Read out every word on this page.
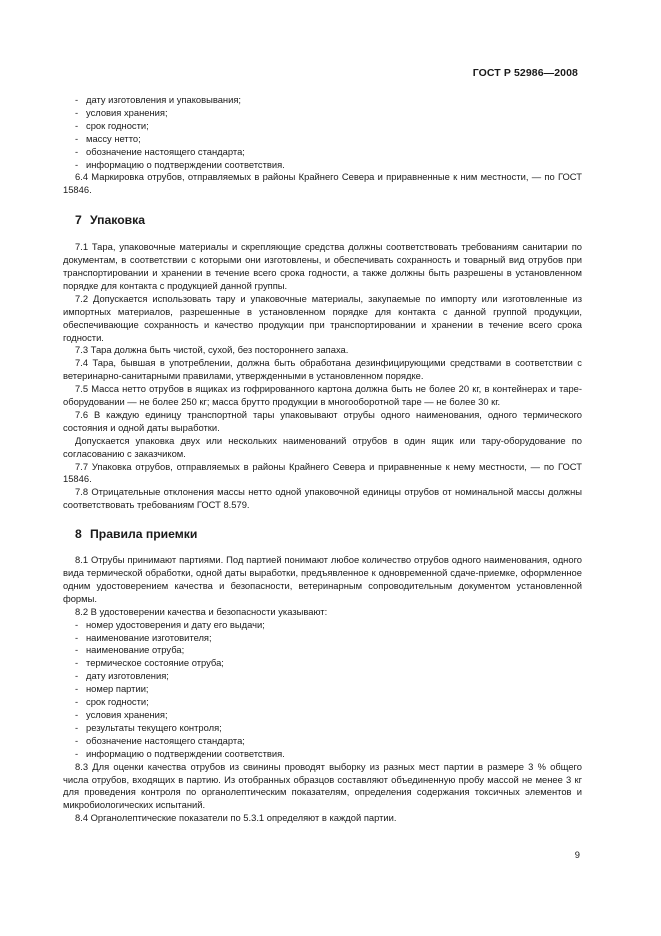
ГОСТ Р 52986—2008

- дату изготовления и упаковывания;

- условия хранения;

- срок годности;

- массу нетто;

- обозначение настоящего стандарта;

- информацию о подтверждении соответствия.

6.4 Маркировка отрубов, отправляемых в районы Крайнего Севера и приравненные к ним местности, — по ГОСТ 15846.

7 Упаковка

7.1 Тара, упаковочные материалы и скрепляющие средства должны соответствовать требованиям санитарии по документам, в соответствии с которыми они изготовлены, и обеспечивать сохранность и товарный вид отрубов при транспортировании и хранении в течение всего срока годности, а также должны быть разрешены в установленном порядке для контакта с продукцией данной группы.

7.2 Допускается использовать тару и упаковочные материалы, закупаемые по импорту или изготовленные из импортных материалов, разрешенные в установленном порядке для контакта с данной группой продукции, обеспечивающие сохранность и качество продукции при транспортировании и хранении в течение всего срока годности.

7.3 Тара должна быть чистой, сухой, без постороннего запаха.

7.4 Тара, бывшая в употреблении, должна быть обработана дезинфицирующими средствами в соответствии с ветеринарно-санитарными правилами, утвержденными в установленном порядке.

7.5 Масса нетто отрубов в ящиках из гофрированного картона должна быть не более 20 кг, в контейнерах и таре-оборудовании — не более 250 кг; масса брутто продукции в многооборотной таре — не более 30 кг.

7.6 В каждую единицу транспортной тары упаковывают отрубы одного наименования, одного термического состояния и одной даты выработки.

Допускается упаковка двух или нескольких наименований отрубов в один ящик или тару-оборудование по согласованию с заказчиком.

7.7 Упаковка отрубов, отправляемых в районы Крайнего Севера и приравненные к нему местности, — по ГОСТ 15846.

7.8 Отрицательные отклонения массы нетто одной упаковочной единицы отрубов от номинальной массы должны соответствовать требованиям ГОСТ 8.579.

8 Правила приемки

8.1 Отрубы принимают партиями. Под партией понимают любое количество отрубов одного наименования, одного вида термической обработки, одной даты выработки, предъявленное к одновременной сдаче-приемке, оформленное одним удостоверением качества и безопасности, ветеринарным сопроводительным документом установленной формы.

8.2 В удостоверении качества и безопасности указывают:

- номер удостоверения и дату его выдачи;

- наименование изготовителя;

- наименование отруба;

- термическое состояние отруба;

- дату изготовления;

- номер партии;

- срок годности;

- условия хранения;

- результаты текущего контроля;

- обозначение настоящего стандарта;

- информацию о подтверждении соответствия.

8.3 Для оценки качества отрубов из свинины проводят выборку из разных мест партии в размере 3 % общего числа отрубов, входящих в партию. Из отобранных образцов составляют объединенную пробу массой не менее 3 кг для проведения контроля по органолептическим показателям, определения содержания токсичных элементов и микробиологических испытаний.

8.4 Органолептические показатели по 5.3.1 определяют в каждой партии.

9
